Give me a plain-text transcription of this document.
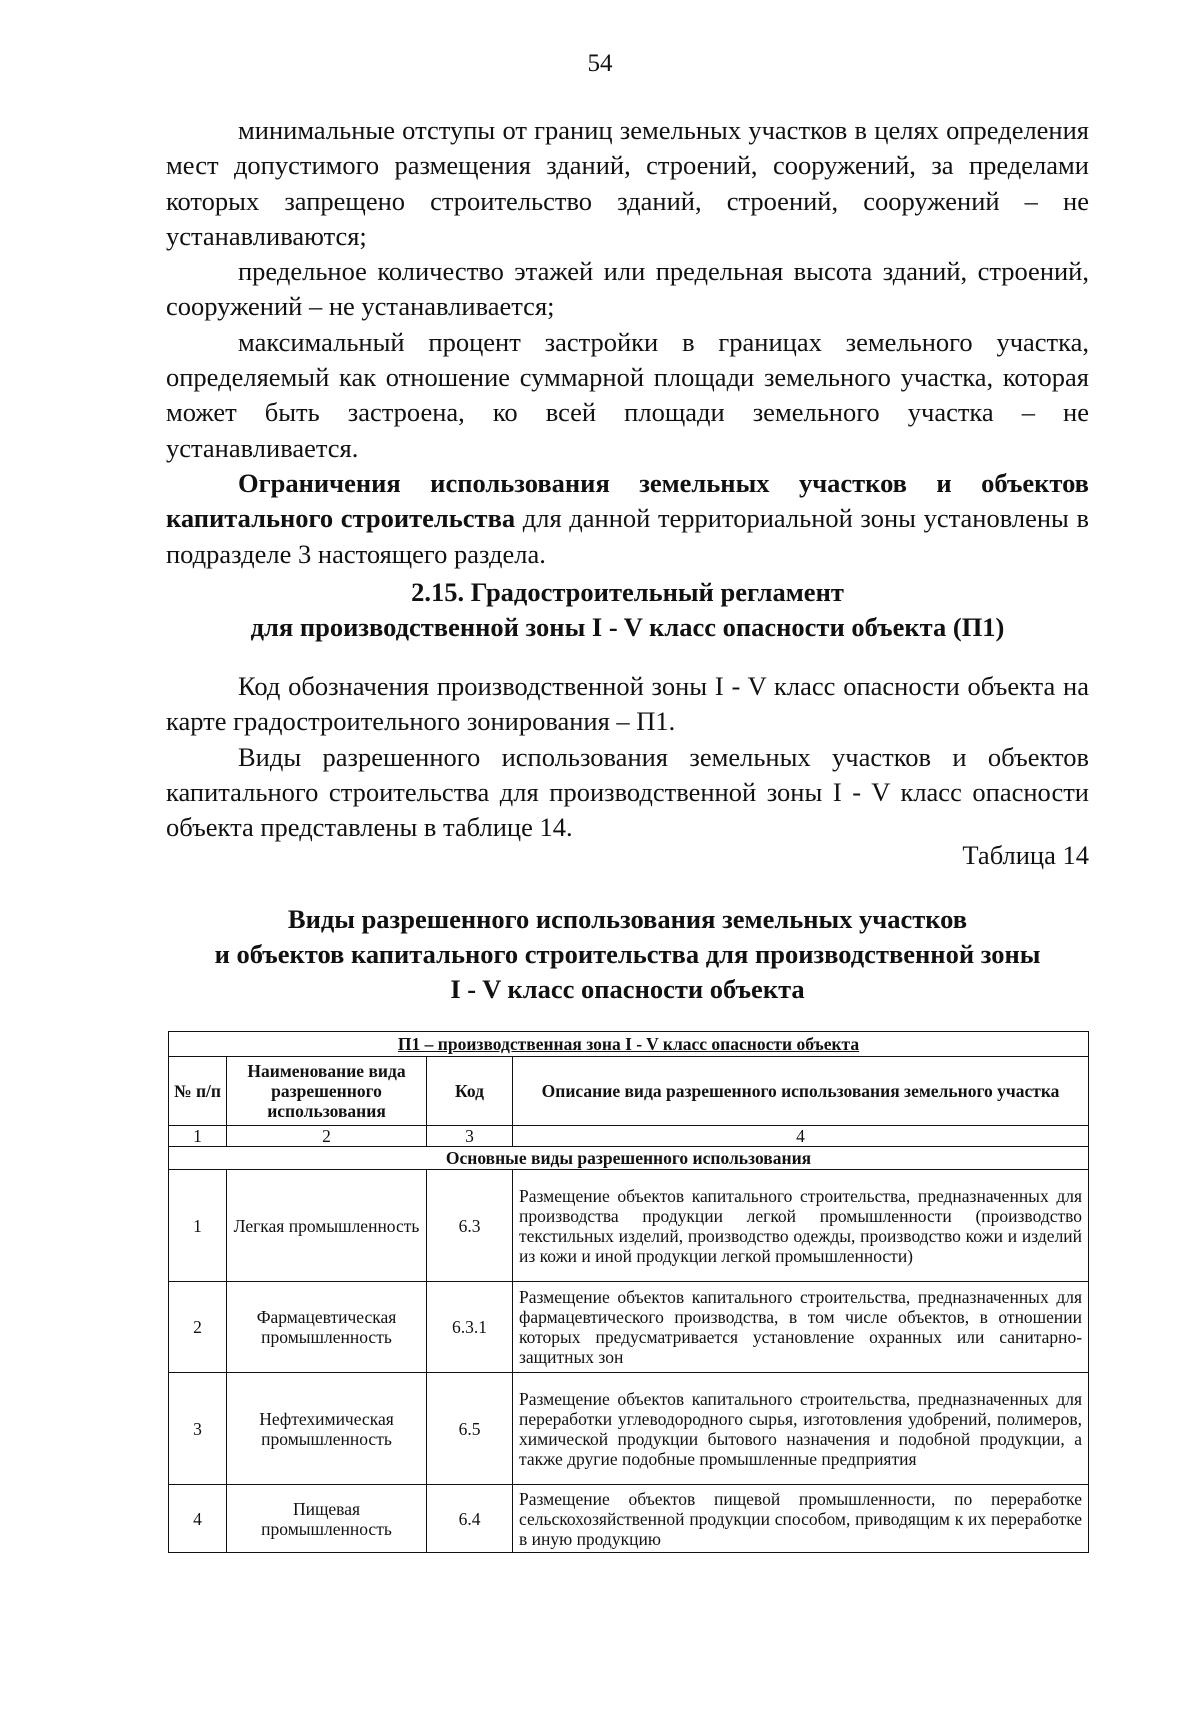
54

минимальные отступы от границ земельных участков в целях определения мест допустимого размещения зданий, строений, сооружений, за пределами которых запрещено строительство зданий, строений, сооружений – не устанавливаются;

предельное количество этажей или предельная высота зданий, строений, сооружений – не устанавливается;

максимальный процент застройки в границах земельного участка, определяемый как отношение суммарной площади земельного участка, которая может быть застроена, ко всей площади земельного участка – не устанавливается.

Ограничения использования земельных участков и объектов капитального строительства для данной территориальной зоны установлены в подразделе 3 настоящего раздела.

2.15. Градостроительный регламент
для производственной зоны I - V класс опасности объекта (П1)

Код обозначения производственной зоны I - V класс опасности объекта на карте градостроительного зонирования – П1.

Виды разрешенного использования земельных участков и объектов капитального строительства для производственной зоны I - V класс опасности объекта представлены в таблице 14.

Таблица 14
Виды разрешенного использования земельных участков
и объектов капитального строительства для производственной зоны
I - V класс опасности объекта
П1 – производственная зона I - V класс опасности объекта			
№ п/п	Наименование вида разрешенного использования	Код	Описание вида разрешенного использования земельного участка
1	2	3	4
Основные виды разрешенного использования			
1	Легкая промышленность	6.3	Размещение объектов капитального строительства, предназначенных для производства продукции легкой промышленности (производство текстильных изделий, производство одежды, производство кожи и изделий из кожи и иной продукции легкой промышленности)
2	Фармацевтическая промышленность	6.3.1	Размещение объектов капитального строительства, предназначенных для фармацевтического производства, в том числе объектов, в отношении которых предусматривается установление охранных или санитарно-защитных зон
3	Нефтехимическая промышленность	6.5	Размещение объектов капитального строительства, предназначенных для переработки углеводородного сырья, изготовления удобрений, полимеров, химической продукции бытового назначения и подобной продукции, а также другие подобные промышленные предприятия
4	Пищевая промышленность	6.4	Размещение объектов пищевой промышленности, по переработке сельскохозяйственной продукции способом, приводящим к их переработке в иную продукцию
